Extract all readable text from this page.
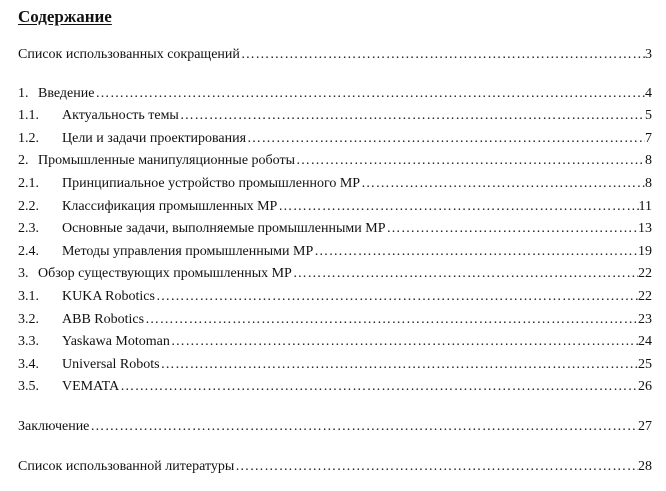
Содержание
Список использованных сокращений …………………………………………………………………………………………………………………………………………………………………………………	3
1. Введение …………………………………………………………………………………………………………………………………………………………………………………	4
1.1.	Актуальность темы …………………………………………………………………………………………………………………………………………………………………………………	5
1.2.	Цели и задачи проектирования …………………………………………………………………………………………………………………………………………………………………………………	7
2. Промышленные манипуляционные роботы …………………………………………………………………………………………………………………………………………………………………………………	8
2.1.	Принципиальное устройство промышленного МР …………………………………………………………………………………………………………………………………………………………………………………	8
2.2.	Классификация промышленных МР …………………………………………………………………………………………………………………………………………………………………………………	11
2.3.	Основные задачи, выполняемые промышленными МР …………………………………………………………………………………………………………………………………………………………………………………	13
2.4.	Методы управления промышленными МР …………………………………………………………………………………………………………………………………………………………………………………	19
3. Обзор существующих промышленных МР …………………………………………………………………………………………………………………………………………………………………………………	22
3.1.	KUKA Robotics …………………………………………………………………………………………………………………………………………………………………………………	22
3.2.	ABB Robotics …………………………………………………………………………………………………………………………………………………………………………………	23
3.3.	Yaskawa Motoman …………………………………………………………………………………………………………………………………………………………………………………	24
3.4.	Universal Robots …………………………………………………………………………………………………………………………………………………………………………………	25
3.5.	VEMATA …………………………………………………………………………………………………………………………………………………………………………………	26
Заключение …………………………………………………………………………………………………………………………………………………………………………………	27
Список использованной литературы …………………………………………………………………………………………………………………………………………………………………………………	28
